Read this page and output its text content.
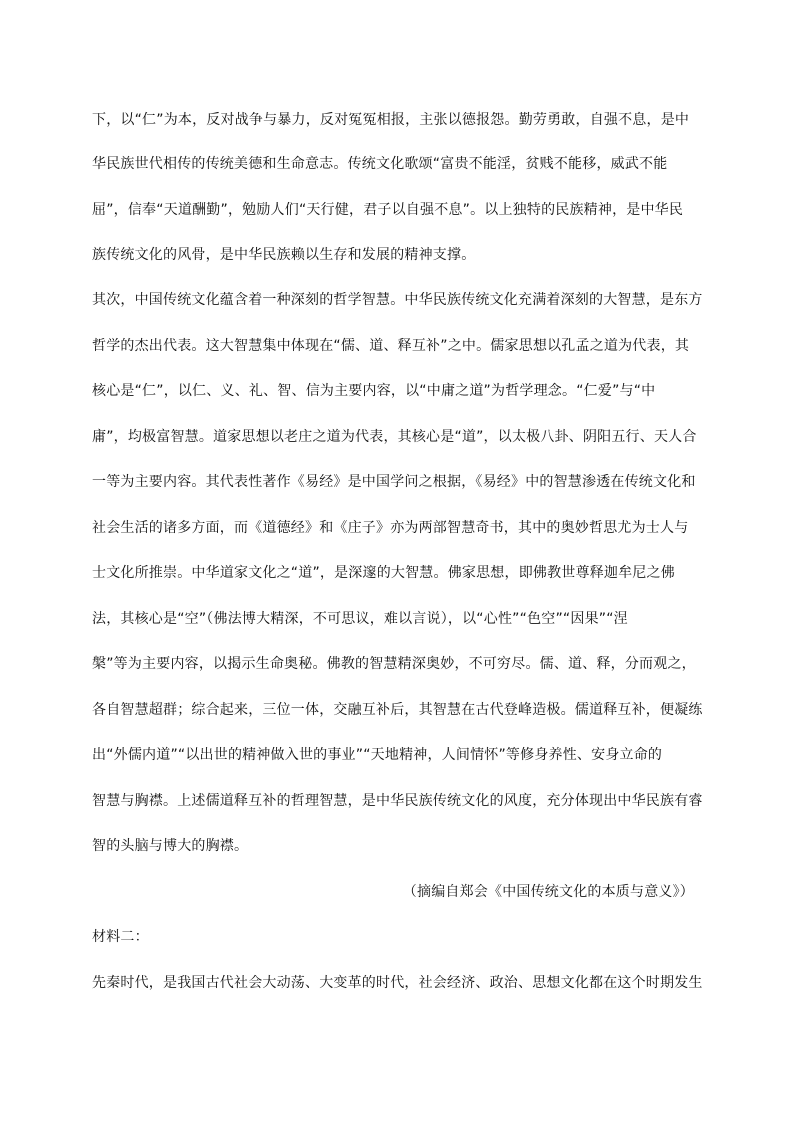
下，以“仁”为本，反对战争与暴力，反对冤冤相报，主张以德报怨。勤劳勇敢，自强不息，是中
华民族世代相传的传统美德和生命意志。传统文化歌颂“富贵不能淫，贫贱不能移，威武不能
屈”，信奉“天道酬勤”，勉励人们“天行健，君子以自强不息”。以上独特的民族精神，是中华民
族传统文化的风骨，是中华民族赖以生存和发展的精神支撑。
其次，中国传统文化蕴含着一种深刻的哲学智慧。中华民族传统文化充满着深刻的大智慧，是东方
哲学的杰出代表。这大智慧集中体现在“儒、道、释互补”之中。儒家思想以孔孟之道为代表，其
核心是“仁”，以仁、义、礼、智、信为主要内容，以“中庸之道”为哲学理念。“仁爱”与“中
庸”，均极富智慧。道家思想以老庄之道为代表，其核心是“道”，以太极八卦、阴阳五行、天人合
一等为主要内容。其代表性著作《易经》是中国学问之根据，《易经》中的智慧渗透在传统文化和
社会生活的诸多方面，而《道德经》和《庄子》亦为两部智慧奇书，其中的奥妙哲思尤为士人与
士文化所推崇。中华道家文化之“道”，是深邃的大智慧。佛家思想，即佛教世尊释迦牟尼之佛
法，其核心是“空”（佛法博大精深，不可思议，难以言说），以“心性”“色空”“因果”“涅
槃”等为主要内容，以揭示生命奥秘。佛教的智慧精深奥妙，不可穷尽。儒、道、释，分而观之，
各自智慧超群；综合起来，三位一体，交融互补后，其智慧在古代登峰造极。儒道释互补，便凝练
出“外儒内道”“以出世的精神做入世的事业”“天地精神，人间情怀”等修身养性、安身立命的
智慧与胸襟。上述儒道释互补的哲理智慧，是中华民族传统文化的风度，充分体现出中华民族有睿
智的头脑与博大的胸襟。
（摘编自郑会《中国传统文化的本质与意义》）
材料二：
先秦时代，是我国古代社会大动荡、大变革的时代，社会经济、政治、思想文化都在这个时期发生
